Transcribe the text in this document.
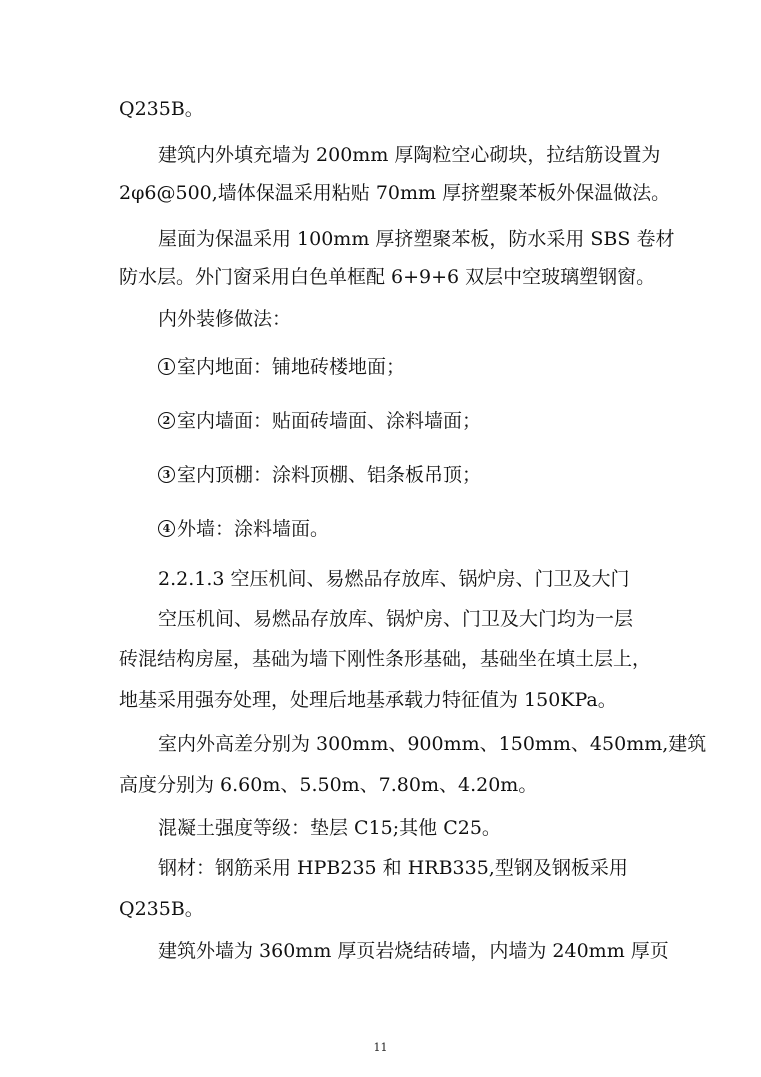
Q235B。
建筑内外填充墙为 200mm 厚陶粒空心砌块，拉结筋设置为
2φ6@500,墙体保温采用粘贴 70mm 厚挤塑聚苯板外保温做法。
屋面为保温采用 100mm 厚挤塑聚苯板，防水采用 SBS 卷材
防水层。外门窗采用白色单框配 6+9+6 双层中空玻璃塑钢窗。
内外装修做法：
1 室内地面：铺地砖楼地面；
2 室内墙面：贴面砖墙面、涂料墙面；
3 室内顶棚：涂料顶棚、铝条板吊顶；
4 外墙：涂料墙面。
2.2.1.3 空压机间、易燃品存放库、锅炉房、门卫及大门
空压机间、易燃品存放库、锅炉房、门卫及大门均为一层
砖混结构房屋，基础为墙下刚性条形基础，基础坐在填土层上，
地基采用强夯处理，处理后地基承载力特征值为 150KPa。
室内外高差分别为 300mm、900mm、150mm、450mm,建筑
高度分别为 6.60m、5.50m、7.80m、4.20m。
混凝土强度等级：垫层 C15;其他 C25。
钢材：钢筋采用 HPB235 和 HRB335,型钢及钢板采用
Q235B。
建筑外墙为 360mm 厚页岩烧结砖墙，内墙为 240mm 厚页
11
